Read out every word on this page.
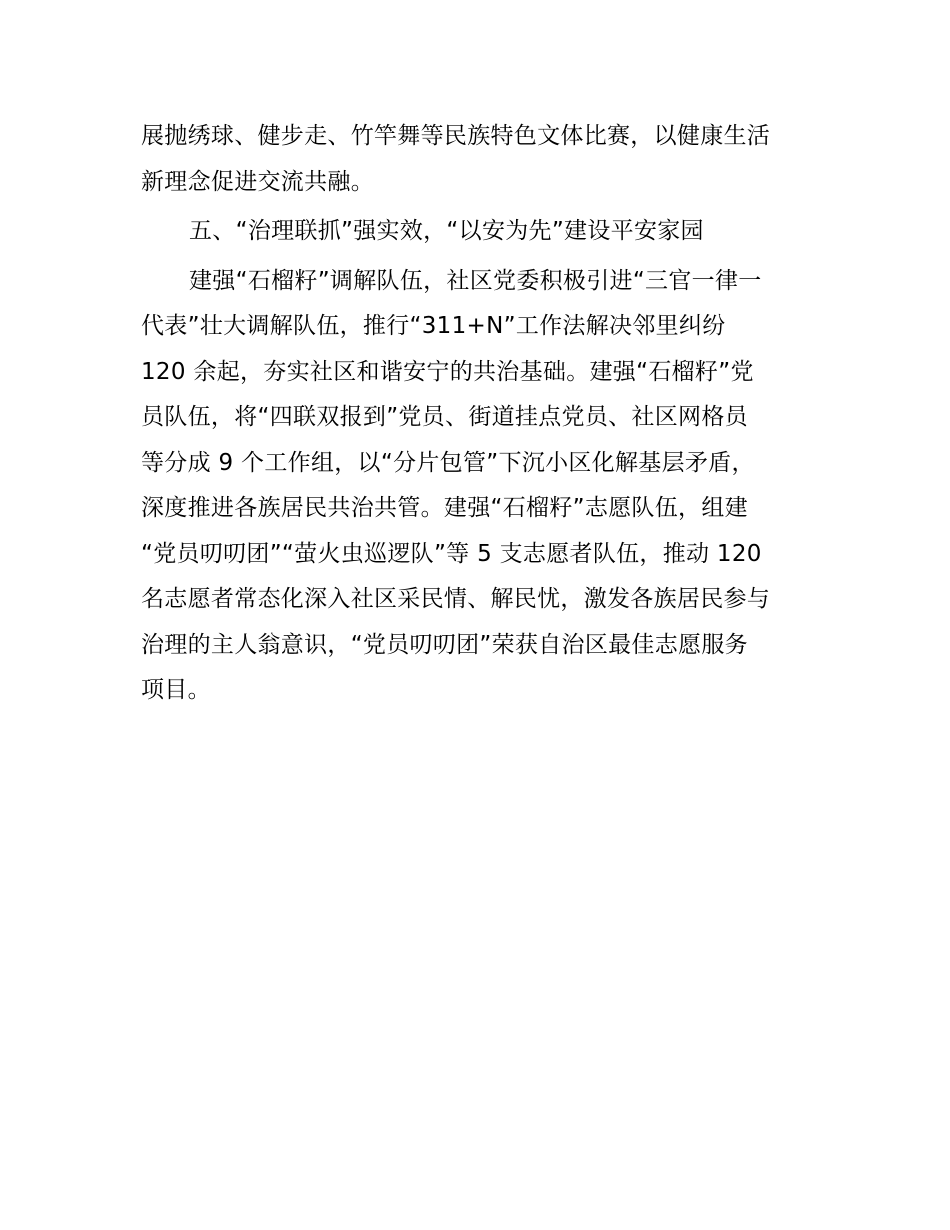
展抛绣球、健步走、竹竿舞等民族特色文体比赛，以健康生活
新理念促进交流共融。

五、“治理联抓”强实效，“以安为先”建设平安家园

建强“石榴籽”调解队伍，社区党委积极引进“三官一律一
代表”壮大调解队伍，推行“311+N”工作法解决邻里纠纷
120 余起，夯实社区和谐安宁的共治基础。建强“石榴籽”党
员队伍，将“四联双报到”党员、街道挂点党员、社区网格员
等分成 9 个工作组，以“分片包管”下沉小区化解基层矛盾，
深度推进各族居民共治共管。建强“石榴籽”志愿队伍，组建
“党员叨叨团”“萤火虫巡逻队”等 5 支志愿者队伍，推动 120
名志愿者常态化深入社区采民情、解民忧，激发各族居民参与
治理的主人翁意识，“党员叨叨团”荣获自治区最佳志愿服务
项目。
